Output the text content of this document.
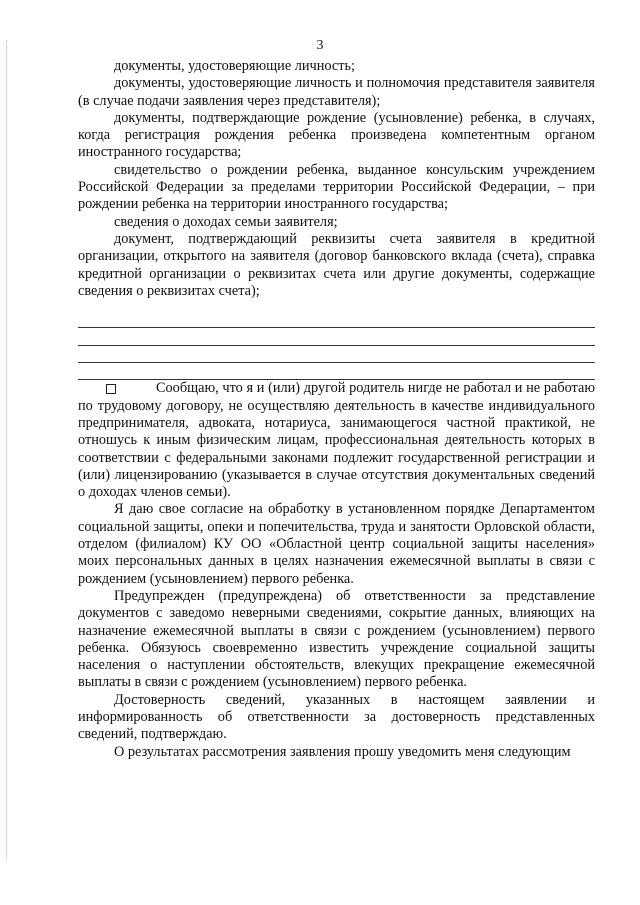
3

документы, удостоверяющие личность;

документы, удостоверяющие личность и полномочия представителя заявителя (в случае подачи заявления через представителя);

документы, подтверждающие рождение (усыновление) ребенка, в случаях, когда регистрация рождения ребенка произведена компетентным органом иностранного государства;

свидетельство о рождении ребенка, выданное консульским учреждением Российской Федерации за пределами территории Российской Федерации, – при рождении ребенка на территории иностранного государства;

сведения о доходах семьи заявителя;

документ, подтверждающий реквизиты счета заявителя в кредитной организации, открытого на заявителя (договор банковского вклада (счета), справка кредитной организации о реквизитах счета или другие документы, содержащие сведения о реквизитах счета);

Сообщаю, что я и (или) другой родитель нигде не работал и не работаю по трудовому договору, не осуществляю деятельность в качестве индивидуального предпринимателя, адвоката, нотариуса, занимающегося частной практикой, не отношусь к иным физическим лицам, профессиональная деятельность которых в соответствии с федеральными законами подлежит государственной регистрации и (или) лицензированию (указывается в случае отсутствия документальных сведений о доходах членов семьи).

Я даю свое согласие на обработку в установленном порядке Департаментом социальной защиты, опеки и попечительства, труда и занятости Орловской области, отделом (филиалом) КУ ОО «Областной центр социальной защиты населения» моих персональных данных в целях назначения ежемесячной выплаты в связи с рождением (усыновлением) первого ребенка.

Предупрежден (предупреждена) об ответственности за представление документов с заведомо неверными сведениями, сокрытие данных, влияющих на назначение ежемесячной выплаты в связи с рождением (усыновлением) первого ребенка. Обязуюсь своевременно известить учреждение социальной защиты населения о наступлении обстоятельств, влекущих прекращение ежемесячной выплаты в связи с рождением (усыновлением) первого ребенка.

Достоверность сведений, указанных в настоящем заявлении и информированность об ответственности за достоверность представленных сведений, подтверждаю.

О результатах рассмотрения заявления прошу уведомить меня следующим
